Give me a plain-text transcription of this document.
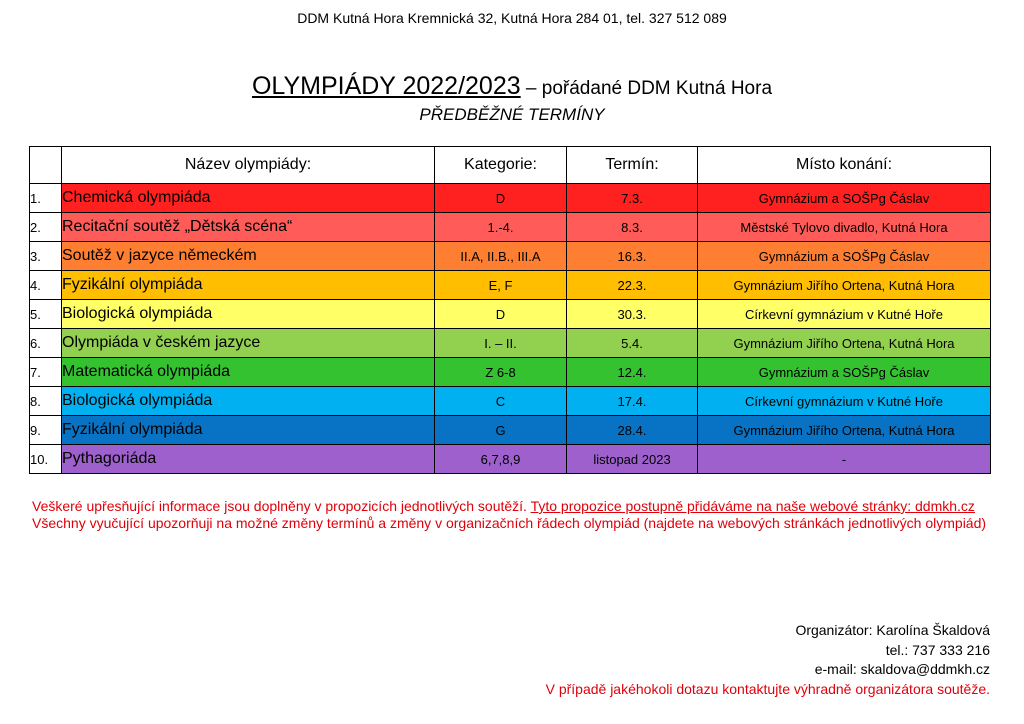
DDM Kutná Hora Kremnická 32, Kutná Hora 284 01, tel. 327 512 089
OLYMPIÁDY 2022/2023 – pořádané DDM Kutná Hora
PŘEDBĚŽNÉ TERMÍNY
	Název olympiády:	Kategorie:	Termín:	Místo konání:
1.	Chemická olympiáda	D	7.3.	Gymnázium a SOŠPg Čáslav
2.	Recitační soutěž „Dětská scéna“	1.-4.	8.3.	Městské Tylovo divadlo, Kutná Hora
3.	Soutěž v jazyce německém	II.A, II.B., III.A	16.3.	Gymnázium a SOŠPg Čáslav
4.	Fyzikální olympiáda	E, F	22.3.	Gymnázium Jiřího Ortena, Kutná Hora
5.	Biologická olympiáda	D	30.3.	Církevní gymnázium v Kutné Hoře
6.	Olympiáda v českém jazyce	I. – II.	5.4.	Gymnázium Jiřího Ortena, Kutná Hora
7.	Matematická olympiáda	Z 6-8	12.4.	Gymnázium a SOŠPg Čáslav
8.	Biologická olympiáda	C	17.4.	Církevní gymnázium v Kutné Hoře
9.	Fyzikální olympiáda	G	28.4.	Gymnázium Jiřího Ortena, Kutná Hora
10.	Pythagoriáda	6,7,8,9	listopad 2023	-
Veškeré upřesňující informace jsou doplněny v propozicích jednotlivých soutěží. Tyto propozice postupně přidáváme na naše webové stránky: ddmkh.cz
Všechny vyučující upozorňuji na možné změny termínů a změny v organizačních řádech olympiád (najdete na webových stránkách jednotlivých olympiád)
Organizátor: Karolína Škaldová
tel.: 737 333 216
e-mail: skaldova@ddmkh.cz
V případě jakéhokoli dotazu kontaktujte výhradně organizátora soutěže.
